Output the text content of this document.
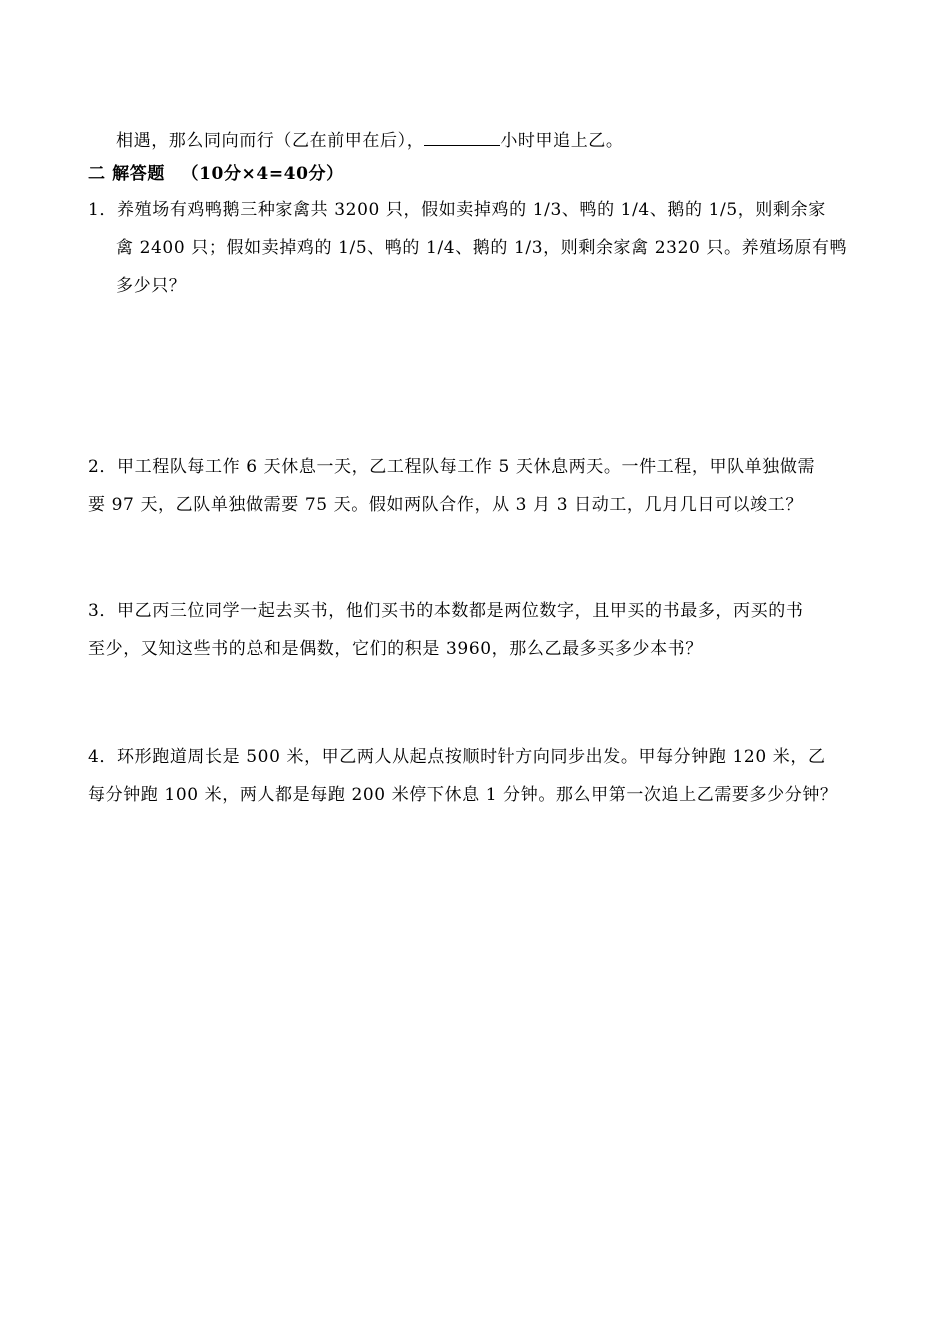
相遇，那么同向而行（乙在前甲在后），	小时甲追上乙。
二 解答题 （10分×4=40分）
1．养殖场有鸡鸭鹅三种家禽共 3200 只，假如卖掉鸡的 1/3、鸭的 1/4、鹅的 1/5，则剩余家
禽 2400 只；假如卖掉鸡的 1/5、鸭的 1/4、鹅的 1/3，则剩余家禽 2320 只。养殖场原有鸭
多少只？
2．甲工程队每工作 6 天休息一天，乙工程队每工作 5 天休息两天。一件工程，甲队单独做需
要 97 天，乙队单独做需要 75 天。假如两队合作，从 3 月 3 日动工，几月几日可以竣工？
3．甲乙丙三位同学一起去买书，他们买书的本数都是两位数字，且甲买的书最多，丙买的书
至少，又知这些书的总和是偶数，它们的积是 3960，那么乙最多买多少本书？
4．环形跑道周长是 500 米，甲乙两人从起点按顺时针方向同步出发。甲每分钟跑 120 米，乙
每分钟跑 100 米，两人都是每跑 200 米停下休息 1 分钟。那么甲第一次追上乙需要多少分钟？
